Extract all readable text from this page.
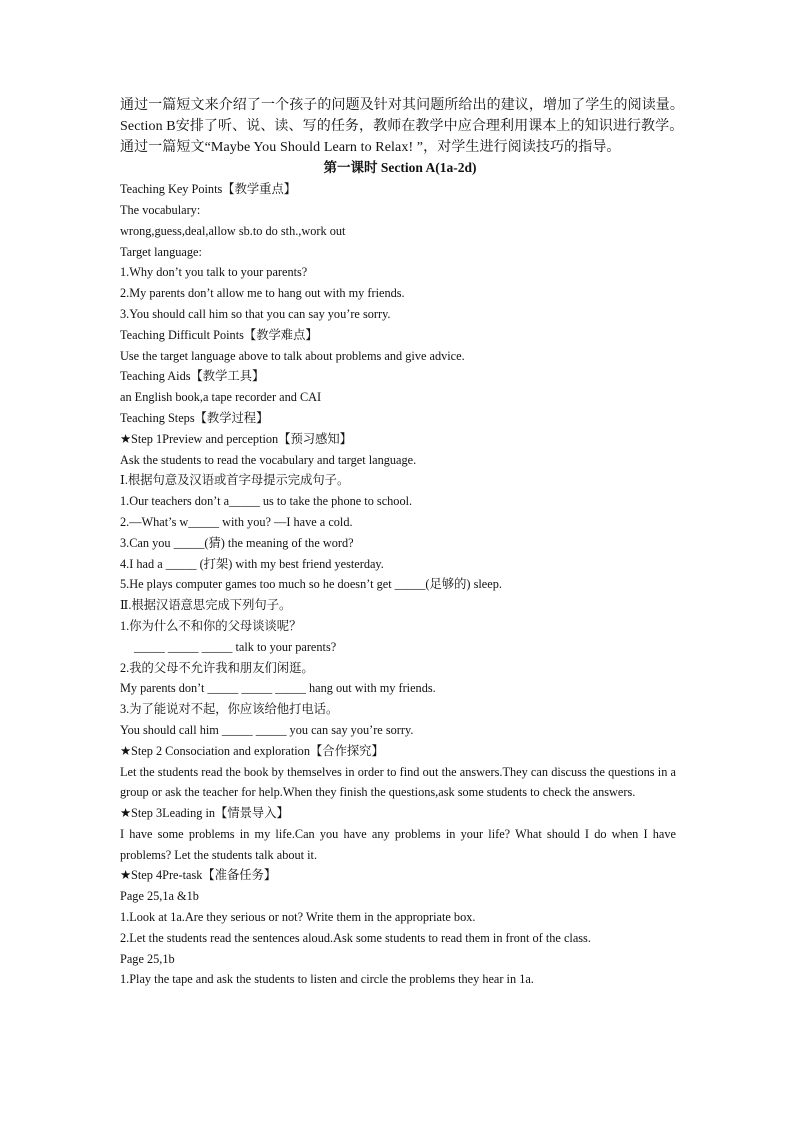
通过一篇短文来介绍了一个孩子的问题及针对其问题所给出的建议，增加了学生的阅读量。
Section B安排了听、说、读、写的任务，教师在教学中应合理利用课本上的知识进行教学。
通过一篇短文“Maybe You Should Learn to Relax! ”，对学生进行阅读技巧的指导。
第一课时 Section A(1a-2d)
Teaching Key Points【教学重点】
The vocabulary:
wrong,guess,deal,allow sb.to do sth.,work out
Target language:
1.Why don’t you talk to your parents?
2.My parents don’t allow me to hang out with my friends.
3.You should call him so that you can say you’re sorry.
Teaching Difficult Points【教学难点】
Use the target language above to talk about problems and give advice.
Teaching Aids【教学工具】
an English book,a tape recorder and CAI
Teaching Steps【教学过程】
★Step 1Preview and perception【预习感知】
Ask the students to read the vocabulary and target language.
Ⅰ.根据句意及汉语或首字母提示完成句子。
1.Our teachers don’t a_____ us to take the phone to school.
2.—What’s w_____ with you? —I have a cold.
3.Can you _____(猜) the meaning of the word?
4.I had a _____ (打架) with my best friend yesterday.
5.He plays computer games too much so he doesn’t get _____(足够的) sleep.
Ⅱ.根据汉语意思完成下列句子。
1.你为什么不和你的父母谈谈呢？
_____ _____ _____ talk to your parents?
2.我的父母不允许我和朋友们闲逛。
My parents don’t _____ _____ _____ hang out with my friends.
3.为了能说对不起，你应该给他打电话。
You should call him _____ _____ you can say you’re sorry.
★Step 2 Consociation and exploration【合作探究】
Let the students read the book by themselves in order to find out the answers.They can discuss the questions in a group or ask the teacher for help.When they finish the questions,ask some students to check the answers.
★Step 3Leading in【情景导入】
I have some problems in my life.Can you have any problems in your life? What should I do when I have problems? Let the students talk about it.
★Step 4Pre-task【准备任务】
Page 25,1a &1b
1.Look at 1a.Are they serious or not? Write them in the appropriate box.
2.Let the students read the sentences aloud.Ask some students to read them in front of the class.
Page 25,1b
1.Play the tape and ask the students to listen and circle the problems they hear in 1a.
